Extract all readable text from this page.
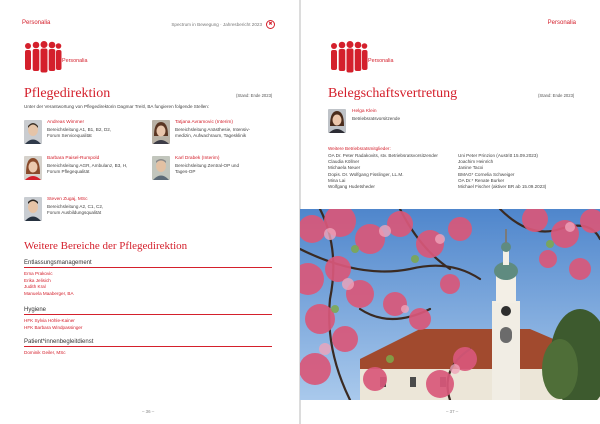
Personalia	Spectrum in Bewegung · Jahresbericht 2023	✖
Personalia
Pflegedirektion	(Stand: Ende 2023)
Unter der Verantwortung von Pflegedirektorin Dagmar Treitl, BA fungieren folgende Stellen:
Andreas Wimmer
Bereichsleitung A1, B1, B2, D2,
Forum Servicequalität
Tatjana Avramovic (Interim)
Bereichsleitung Anästhesie, Intensiv-
medizin, Aufwachraum, Tagesklinik
Barbara Paisel-Rumpold
Bereichsleitung AGR, Ambulanz, B3, H,
Forum Pflegequalität
Karl Drabek (Interim)
Bereichsleitung Zentral-OP und
Tages-OP
Steven Zugaj, MSc
Bereichsleitung A2, C1, C2,
Forum Ausbildungsqualität
Weitere Bereiche der Pflegedirektion
Entlassungsmanagement
Erna Prakovic
Erika Jelisich
Judith Kral
Manuela Maaberger, BA
Hygiene
HFK Sylvia Höhle-Kainer
HFK Barbara Windpassinger
Patient*innenbegleitdienst
Dominik Geiler, MSc
– 36 –
Personalia
Personalia
Belegschaftsvertretung	(Stand: Ende 2023)
Helga Klein
Betriebsratsvorsitzende
Weitere Betriebsratsmitglieder:
OA Dr. Peter Radakovits, stv. Betriebsratsvorsitzender
Claudia Köllner
Michaela Neuer
Dopis. Dr. Wolfgang Fisslinger, LL.M.
Mina Lai
Wolfgang Hudetsheder
Uni Peter Prinzion (Austritt 15.09.2023)
Joachim Heinrich
Janine Tacxi
BMAG* Cornelia Schweiger
OA Dr.* Renate Burker
Michael Fischer (aktiver BR ab 15.09.2023)
– 37 –
